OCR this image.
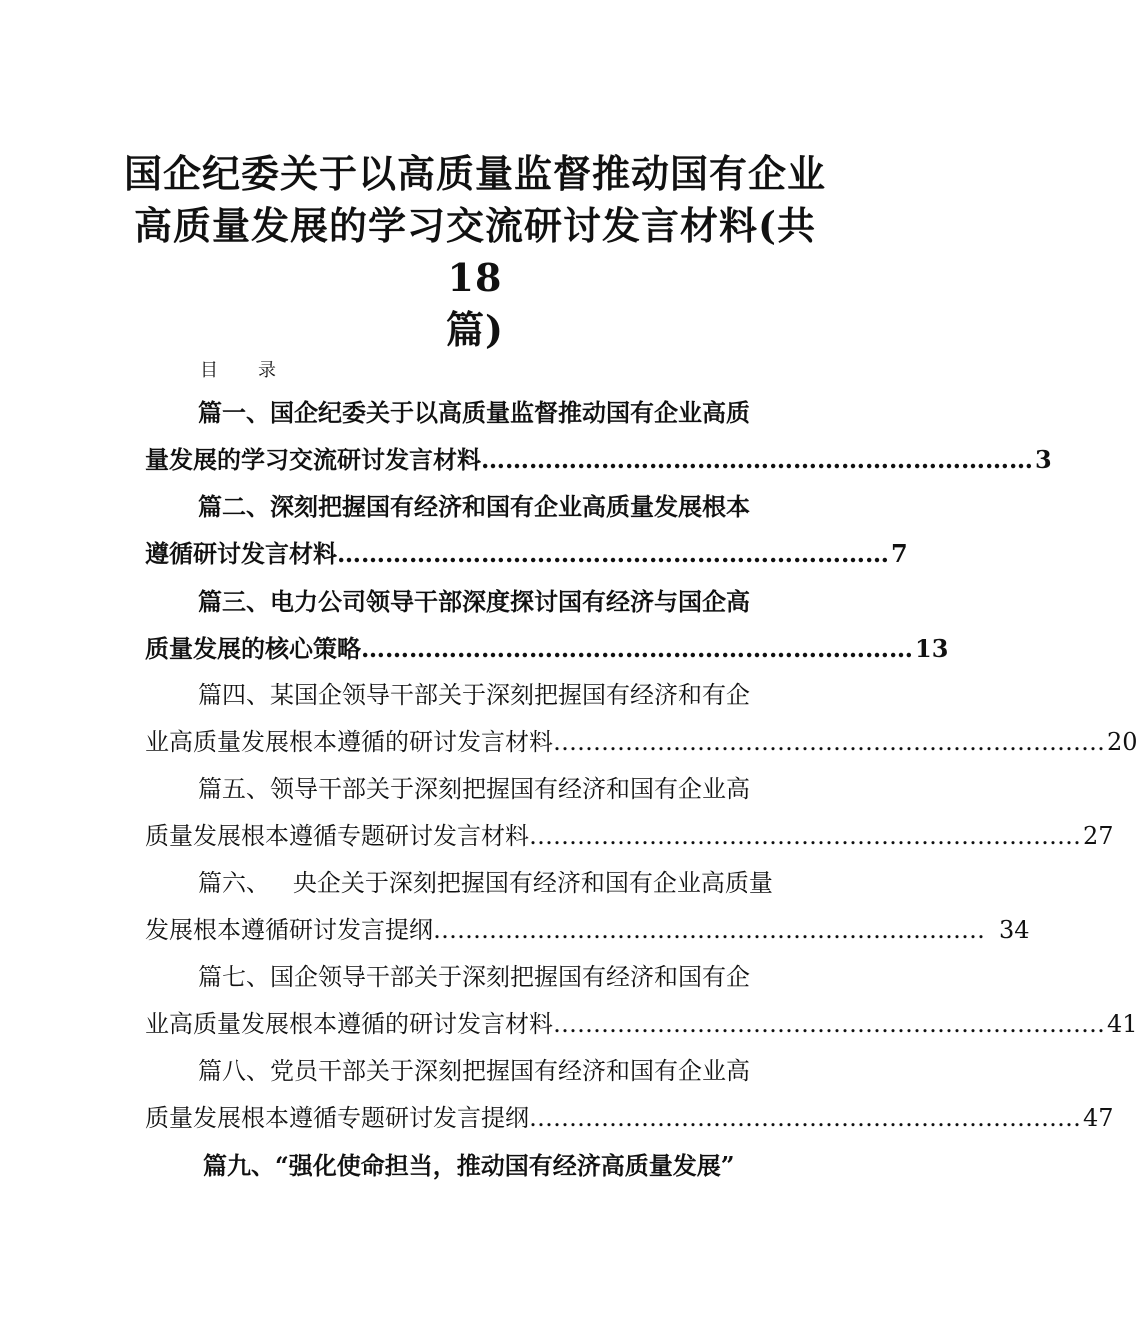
国企纪委关于以高质量监督推动国有企业
高质量发展的学习交流研讨发言材料(共 18
篇)
目 录
篇一、国企纪委关于以高质量监督推动国有企业高质
量发展的学习交流研讨发言材料 …………………………………………………………… 3
篇二、深刻把握国有经济和国有企业高质量发展根本
遵循研讨发言材料 …………………………………………………………… 7
篇三、电力公司领导干部深度探讨国有经济与国企高
质量发展的核心策略 …………………………………………………………… 13
篇四、某国企领导干部关于深刻把握国有经济和有企
业高质量发展根本遵循的研讨发言材料 …………………………………………………………… 20
篇五、领导干部关于深刻把握国有经济和国有企业高
质量发展根本遵循专题研讨发言材料 …………………………………………………………… 27
篇六、   央企关于深刻把握国有经济和国有企业高质量
发展根本遵循研讨发言提纲 …………………………………………………………… 34
篇七、国企领导干部关于深刻把握国有经济和国有企
业高质量发展根本遵循的研讨发言材料 …………………………………………………………… 41
篇八、党员干部关于深刻把握国有经济和国有企业高
质量发展根本遵循专题研讨发言提纲 …………………………………………………………… 47
篇九、“强化使命担当，推动国有经济高质量发展”
